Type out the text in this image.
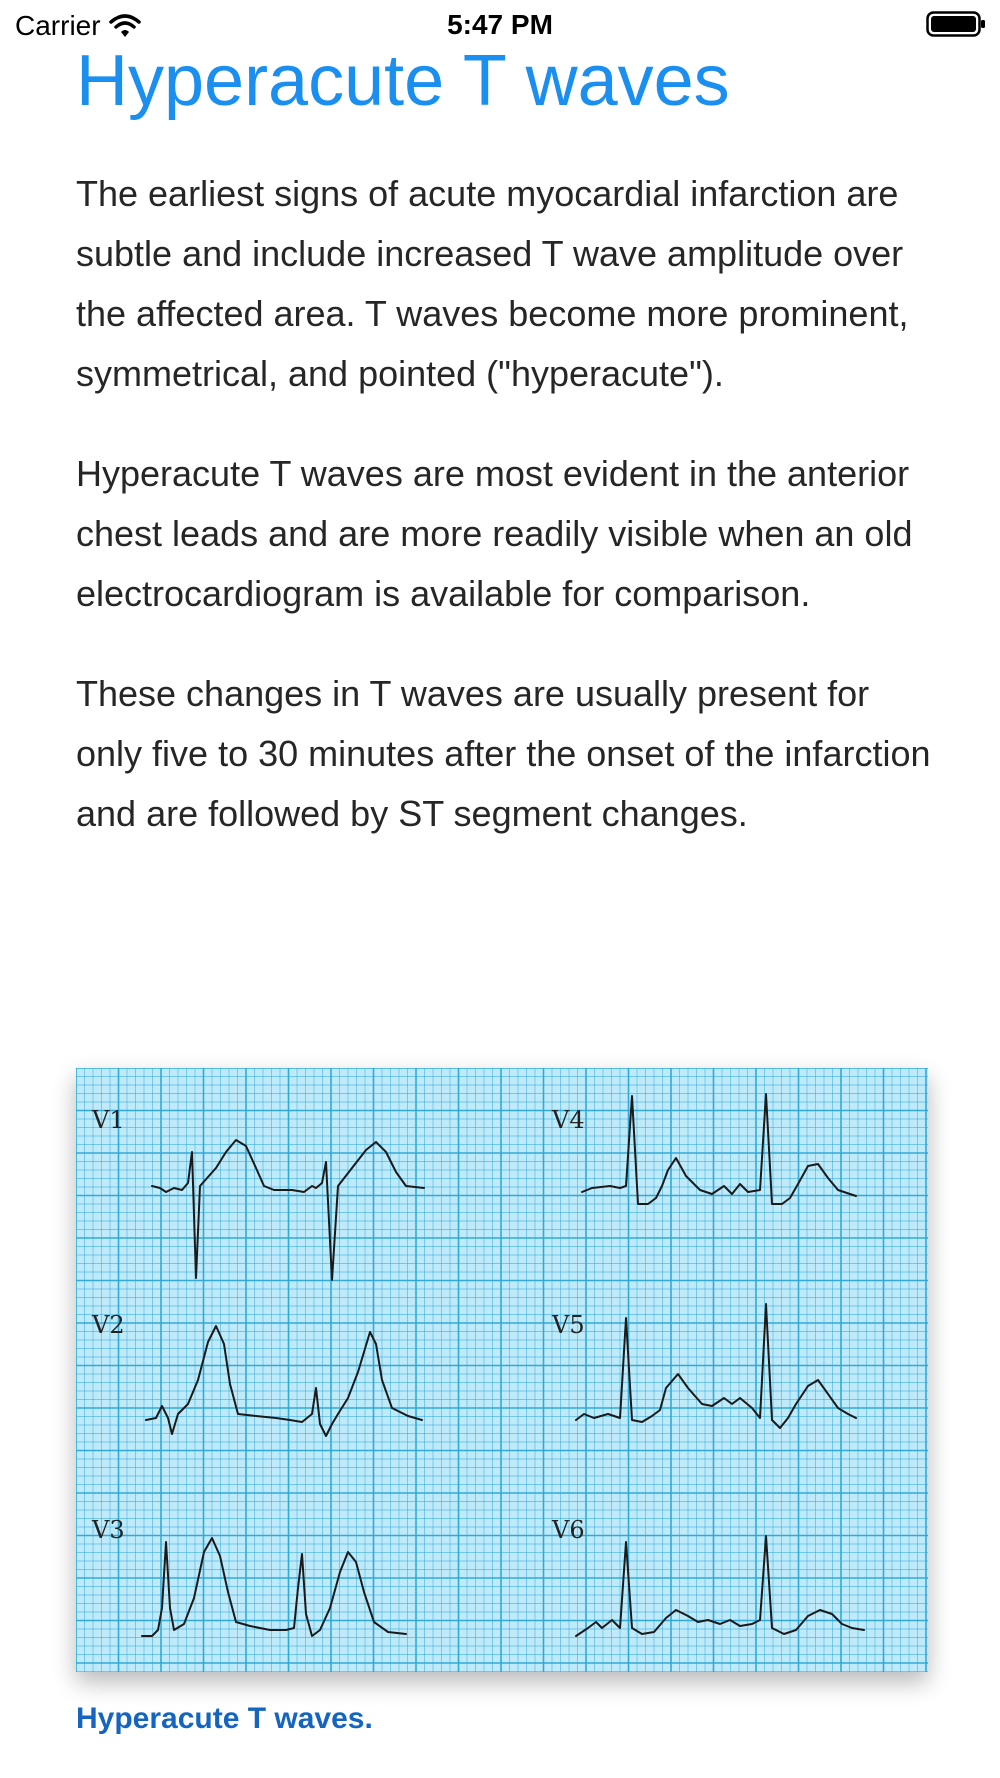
Carrier	5:47 PM
Hyperacute T waves

The earliest signs of acute myocardial infarction are subtle and include increased T wave amplitude over the affected area. T waves become more prominent, symmetrical, and pointed ("hyperacute").

Hyperacute T waves are most evident in the anterior chest leads and are more readily visible when an old electrocardiogram is available for comparison.

These changes in T waves are usually present for only five to 30 minutes after the onset of the infarction and are followed by ST segment changes.

V1	V4
V2	V5
V3	V6
Hyperacute T waves.
